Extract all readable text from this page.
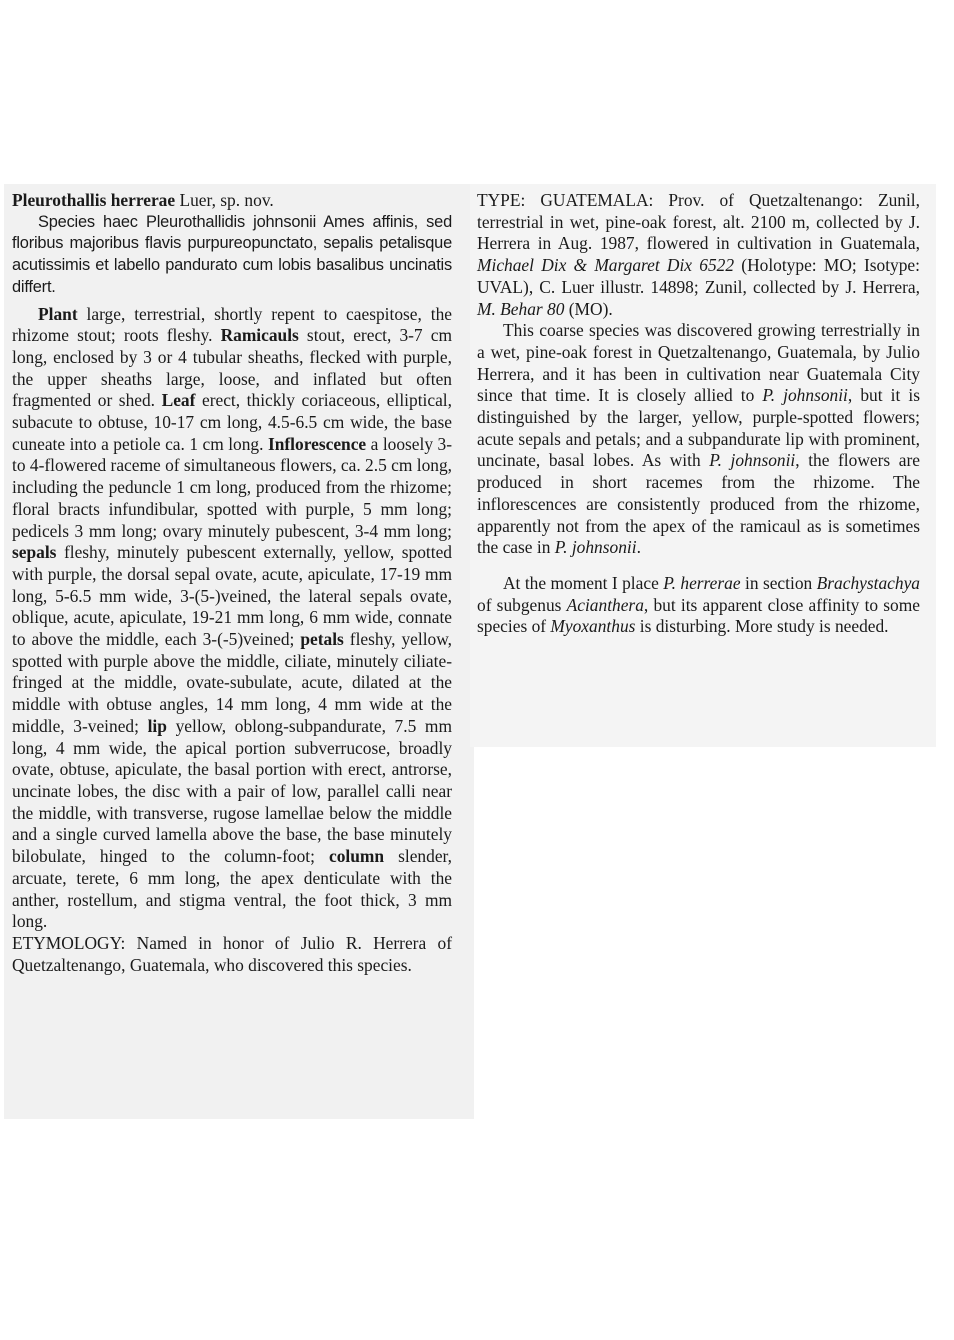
Pleurothallis herrerae Luer, sp. nov.

Species haec Pleurothallidis johnsonii Ames affinis, sed floribus majoribus flavis purpureopunctato, sepalis petalisque acutissimis et labello pandurato cum lobis basalibus uncinatis differt.

Plant large, terrestrial, shortly repent to caespitose, the rhizome stout; roots fleshy. Ramicauls stout, erect, 3-7 cm long, enclosed by 3 or 4 tubular sheaths, flecked with purple, the upper sheaths large, loose, and inflated but often fragmented or shed. Leaf erect, thickly coriaceous, elliptical, subacute to obtuse, 10-17 cm long, 4.5-6.5 cm wide, the base cuneate into a petiole ca. 1 cm long. Inflorescence a loosely 3- to 4-flowered raceme of simultaneous flowers, ca. 2.5 cm long, including the peduncle 1 cm long, produced from the rhizome; floral bracts infundibular, spotted with purple, 5 mm long; pedicels 3 mm long; ovary minutely pubescent, 3-4 mm long; sepals fleshy, minutely pubescent externally, yellow, spotted with purple, the dorsal sepal ovate, acute, apiculate, 17-19 mm long, 5-6.5 mm wide, 3-(5-)veined, the lateral sepals ovate, oblique, acute, apiculate, 19-21 mm long, 6 mm wide, connate to above the middle, each 3-(-5)veined; petals fleshy, yellow, spotted with purple above the middle, ciliate, minutely ciliate-fringed at the middle, ovate-subulate, acute, dilated at the middle with obtuse angles, 14 mm long, 4 mm wide at the middle, 3-veined; lip yellow, oblong-subpandurate, 7.5 mm long, 4 mm wide, the apical portion subverrucose, broadly ovate, obtuse, apiculate, the basal portion with erect, antrorse, uncinate lobes, the disc with a pair of low, parallel calli near the middle, with transverse, rugose lamellae below the middle and a single curved lamella above the base, the base minutely bilobulate, hinged to the column-foot; column slender, arcuate, terete, 6 mm long, the apex denticulate with the anther, rostellum, and stigma ventral, the foot thick, 3 mm long.

ETYMOLOGY: Named in honor of Julio R. Herrera of Quetzaltenango, Guatemala, who discovered this species.

TYPE: GUATEMALA: Prov. of Quetzaltenango: Zunil, terrestrial in wet, pine-oak forest, alt. 2100 m, collected by J. Herrera in Aug. 1987, flowered in cultivation in Guatemala, Michael Dix & Margaret Dix 6522 (Holotype: MO; Isotype: UVAL), C. Luer illustr. 14898; Zunil, collected by J. Herrera, M. Behar 80 (MO).

This coarse species was discovered growing terrestrially in a wet, pine-oak forest in Quetzaltenango, Guatemala, by Julio Herrera, and it has been in cultivation near Guatemala City since that time. It is closely allied to P. johnsonii, but it is distinguished by the larger, yellow, purple-spotted flowers; acute sepals and petals; and a subpandurate lip with prominent, uncinate, basal lobes. As with P. johnsonii, the flowers are produced in short racemes from the rhizome. The inflorescences are consistently produced from the rhizome, apparently not from the apex of the ramicaul as is sometimes the case in P. johnsonii.

At the moment I place P. herrerae in section Brachystachya of subgenus Acianthera, but its apparent close affinity to some species of Myoxanthus is disturbing. More study is needed.
